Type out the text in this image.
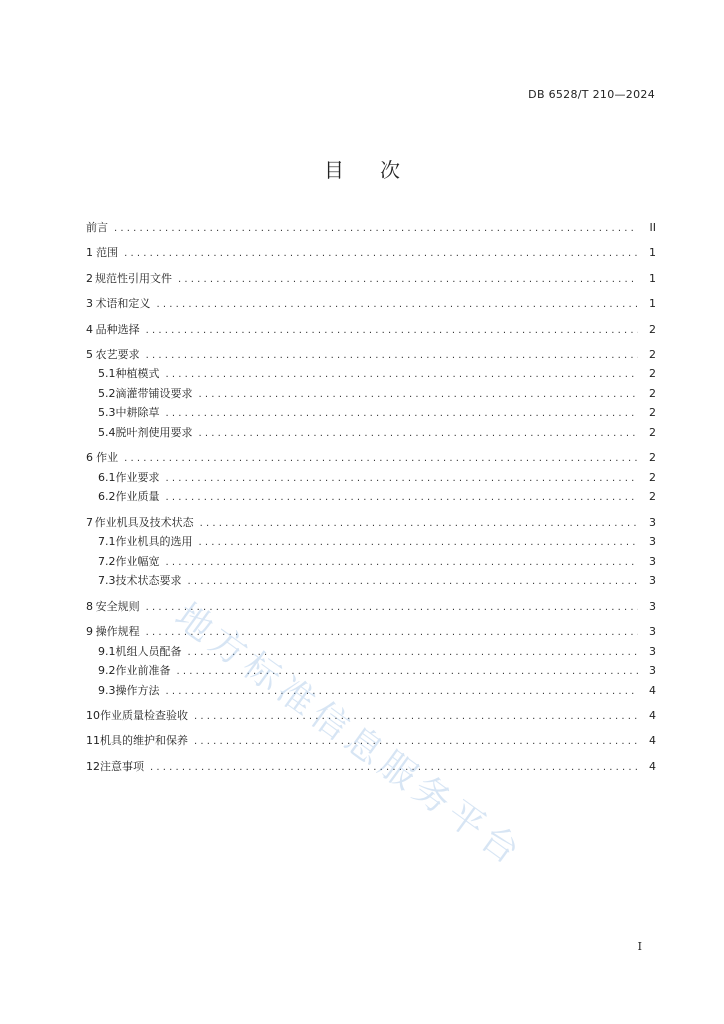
DB 6528/T 210—2024
目次
前言 .....	II
1 范围 .....	1
2 规范性引用文件 .....	1
3 术语和定义 .....	1
4 品种选择 .....	2
5 农艺要求 .....	2
5.1 种植模式 .....	2
5.2 滴灌带铺设要求 .....	2
5.3 中耕除草 .....	2
5.4 脱叶剂使用要求 .....	2
6 作业 .....	2
6.1 作业要求 .....	2
6.2 作业质量 .....	2
7 作业机具及技术状态 .....	3
7.1 作业机具的选用 .....	3
7.2 作业幅宽 .....	3
7.3 技术状态要求 .....	3
8 安全规则 .....	3
9 操作规程 .....	3
9.1 机组人员配备 .....	3
9.2 作业前准备 .....	3
9.3 操作方法 .....	4
10 作业质量检查验收 .....	4
11 机具的维护和保养 .....	4
12 注意事项 .....	4
地方标准信息服务平台
I
